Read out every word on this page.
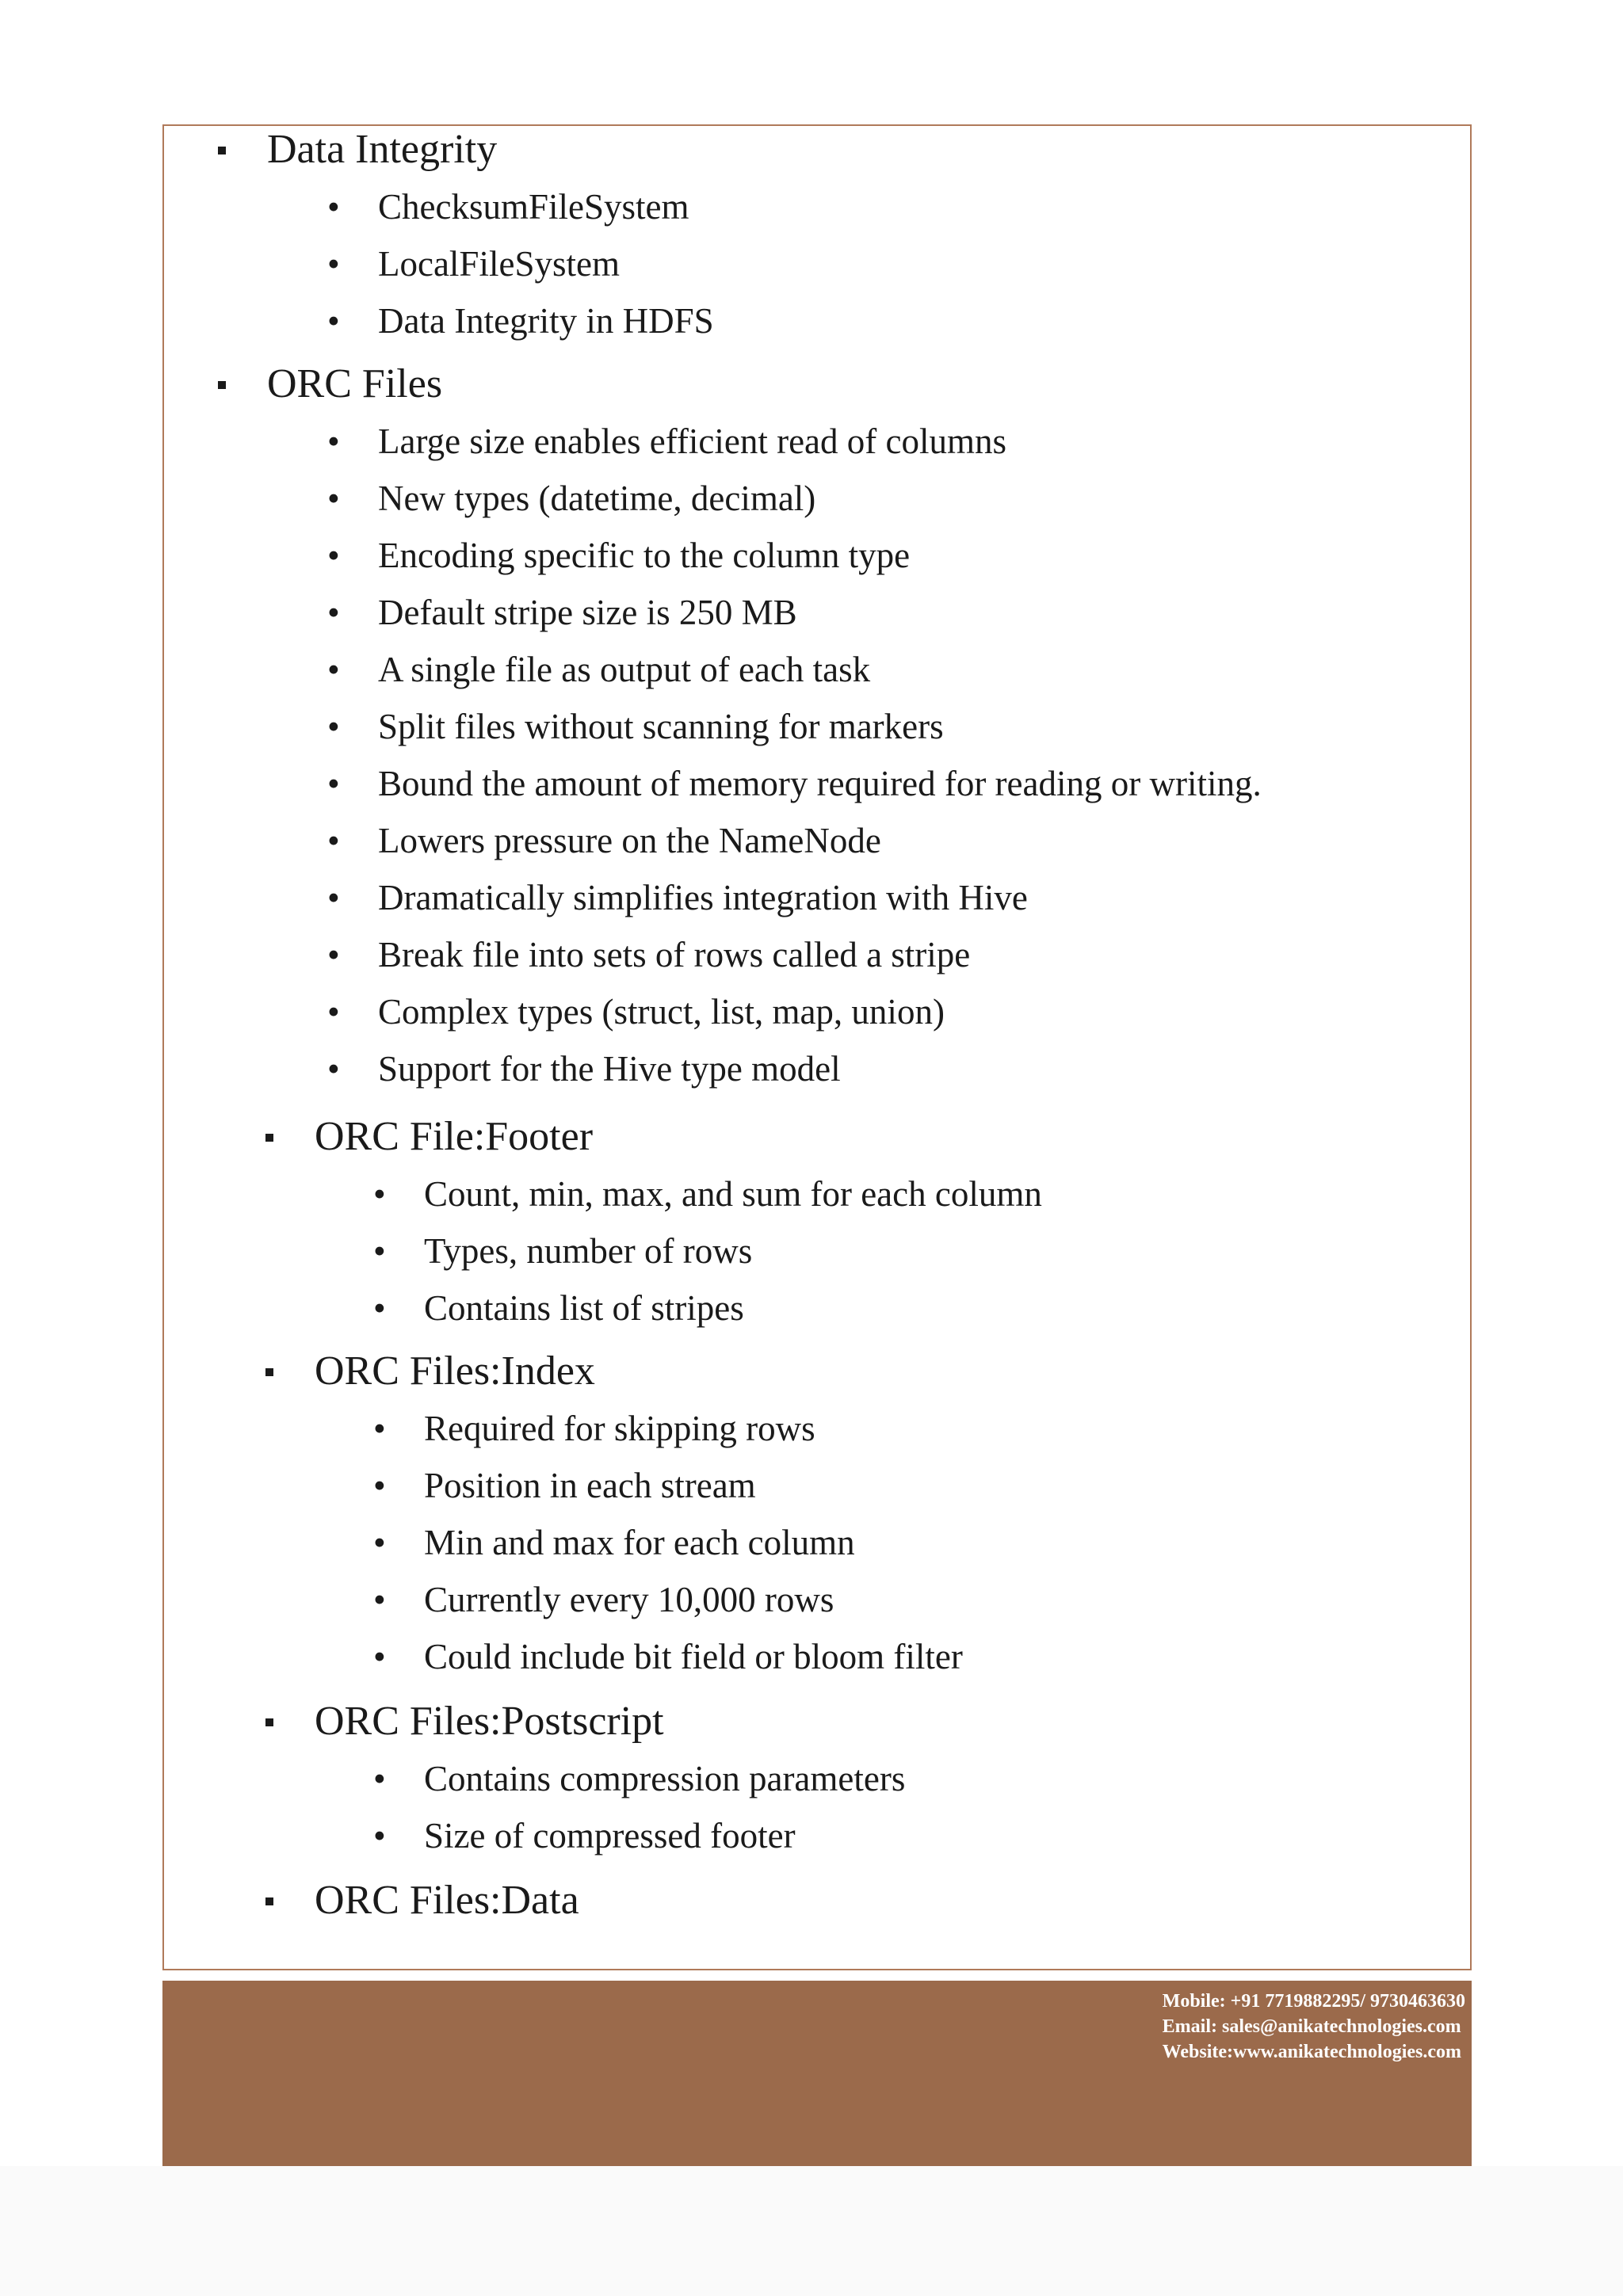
Data Integrity
• ChecksumFileSystem
• LocalFileSystem
• Data Integrity in HDFS
ORC Files
• Large size enables efficient read of columns
• New types (datetime, decimal)
• Encoding specific to the column type
• Default stripe size is 250 MB
• A single file as output of each task
• Split files without scanning for markers
• Bound the amount of memory required for reading or writing.
• Lowers pressure on the NameNode
• Dramatically simplifies integration with Hive
• Break file into sets of rows called a stripe
• Complex types (struct, list, map, union)
• Support for the Hive type model
ORC File:Footer
• Count, min, max, and sum for each column
• Types, number of rows
• Contains list of stripes
ORC Files:Index
• Required for skipping rows
• Position in each stream
• Min and max for each column
• Currently every 10,000 rows
• Could include bit field or bloom filter
ORC Files:Postscript
• Contains compression parameters
• Size of compressed footer
ORC Files:Data
Mobile: +91 7719882295/ 9730463630
Email: sales@anikatechnologies.com
Website:www.anikatechnologies.com
